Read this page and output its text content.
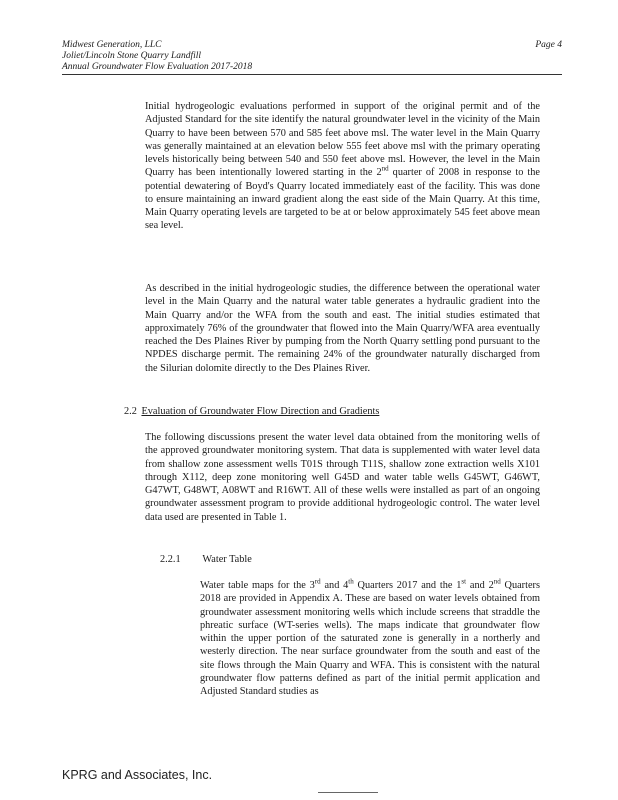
Midwest Generation, LLC
Joliet/Lincoln Stone Quarry Landfill
Annual Groundwater Flow Evaluation 2017-2018
Page 4

Initial hydrogeologic evaluations performed in support of the original permit and of the Adjusted Standard for the site identify the natural groundwater level in the vicinity of the Main Quarry to have been between 570 and 585 feet above msl. The water level in the Main Quarry was generally maintained at an elevation below 555 feet above msl with the primary operating levels historically being between 540 and 550 feet above msl. However, the level in the Main Quarry has been intentionally lowered starting in the 2nd quarter of 2008 in response to the potential dewatering of Boyd's Quarry located immediately east of the facility. This was done to ensure maintaining an inward gradient along the east side of the Main Quarry. At this time, Main Quarry operating levels are targeted to be at or below approximately 545 feet above mean sea level.

As described in the initial hydrogeologic studies, the difference between the operational water level in the Main Quarry and the natural water table generates a hydraulic gradient into the Main Quarry and/or the WFA from the south and east. The initial studies estimated that approximately 76% of the groundwater that flowed into the Main Quarry/WFA area eventually reached the Des Plaines River by pumping from the North Quarry settling pond pursuant to the NPDES discharge permit. The remaining 24% of the groundwater naturally discharged from the Silurian dolomite directly to the Des Plaines River.

2.2 Evaluation of Groundwater Flow Direction and Gradients

The following discussions present the water level data obtained from the monitoring wells of the approved groundwater monitoring system. That data is supplemented with water level data from shallow zone assessment wells T01S through T11S, shallow zone extraction wells X101 through X112, deep zone monitoring well G45D and water table wells G45WT, G46WT, G47WT, G48WT, A08WT and R16WT. All of these wells were installed as part of an ongoing groundwater assessment program to provide additional hydrogeologic control. The water level data used are presented in Table 1.

2.2.1 Water Table

Water table maps for the 3rd and 4th Quarters 2017 and the 1st and 2nd Quarters 2018 are provided in Appendix A. These are based on water levels obtained from groundwater assessment monitoring wells which include screens that straddle the phreatic surface (WT-series wells). The maps indicate that groundwater flow within the upper portion of the saturated zone is generally in a northerly and westerly direction. The near surface groundwater from the south and east of the site flows through the Main Quarry and WFA. This is consistent with the natural groundwater flow patterns defined as part of the initial permit application and Adjusted Standard studies as

KPRG and Associates, Inc.
